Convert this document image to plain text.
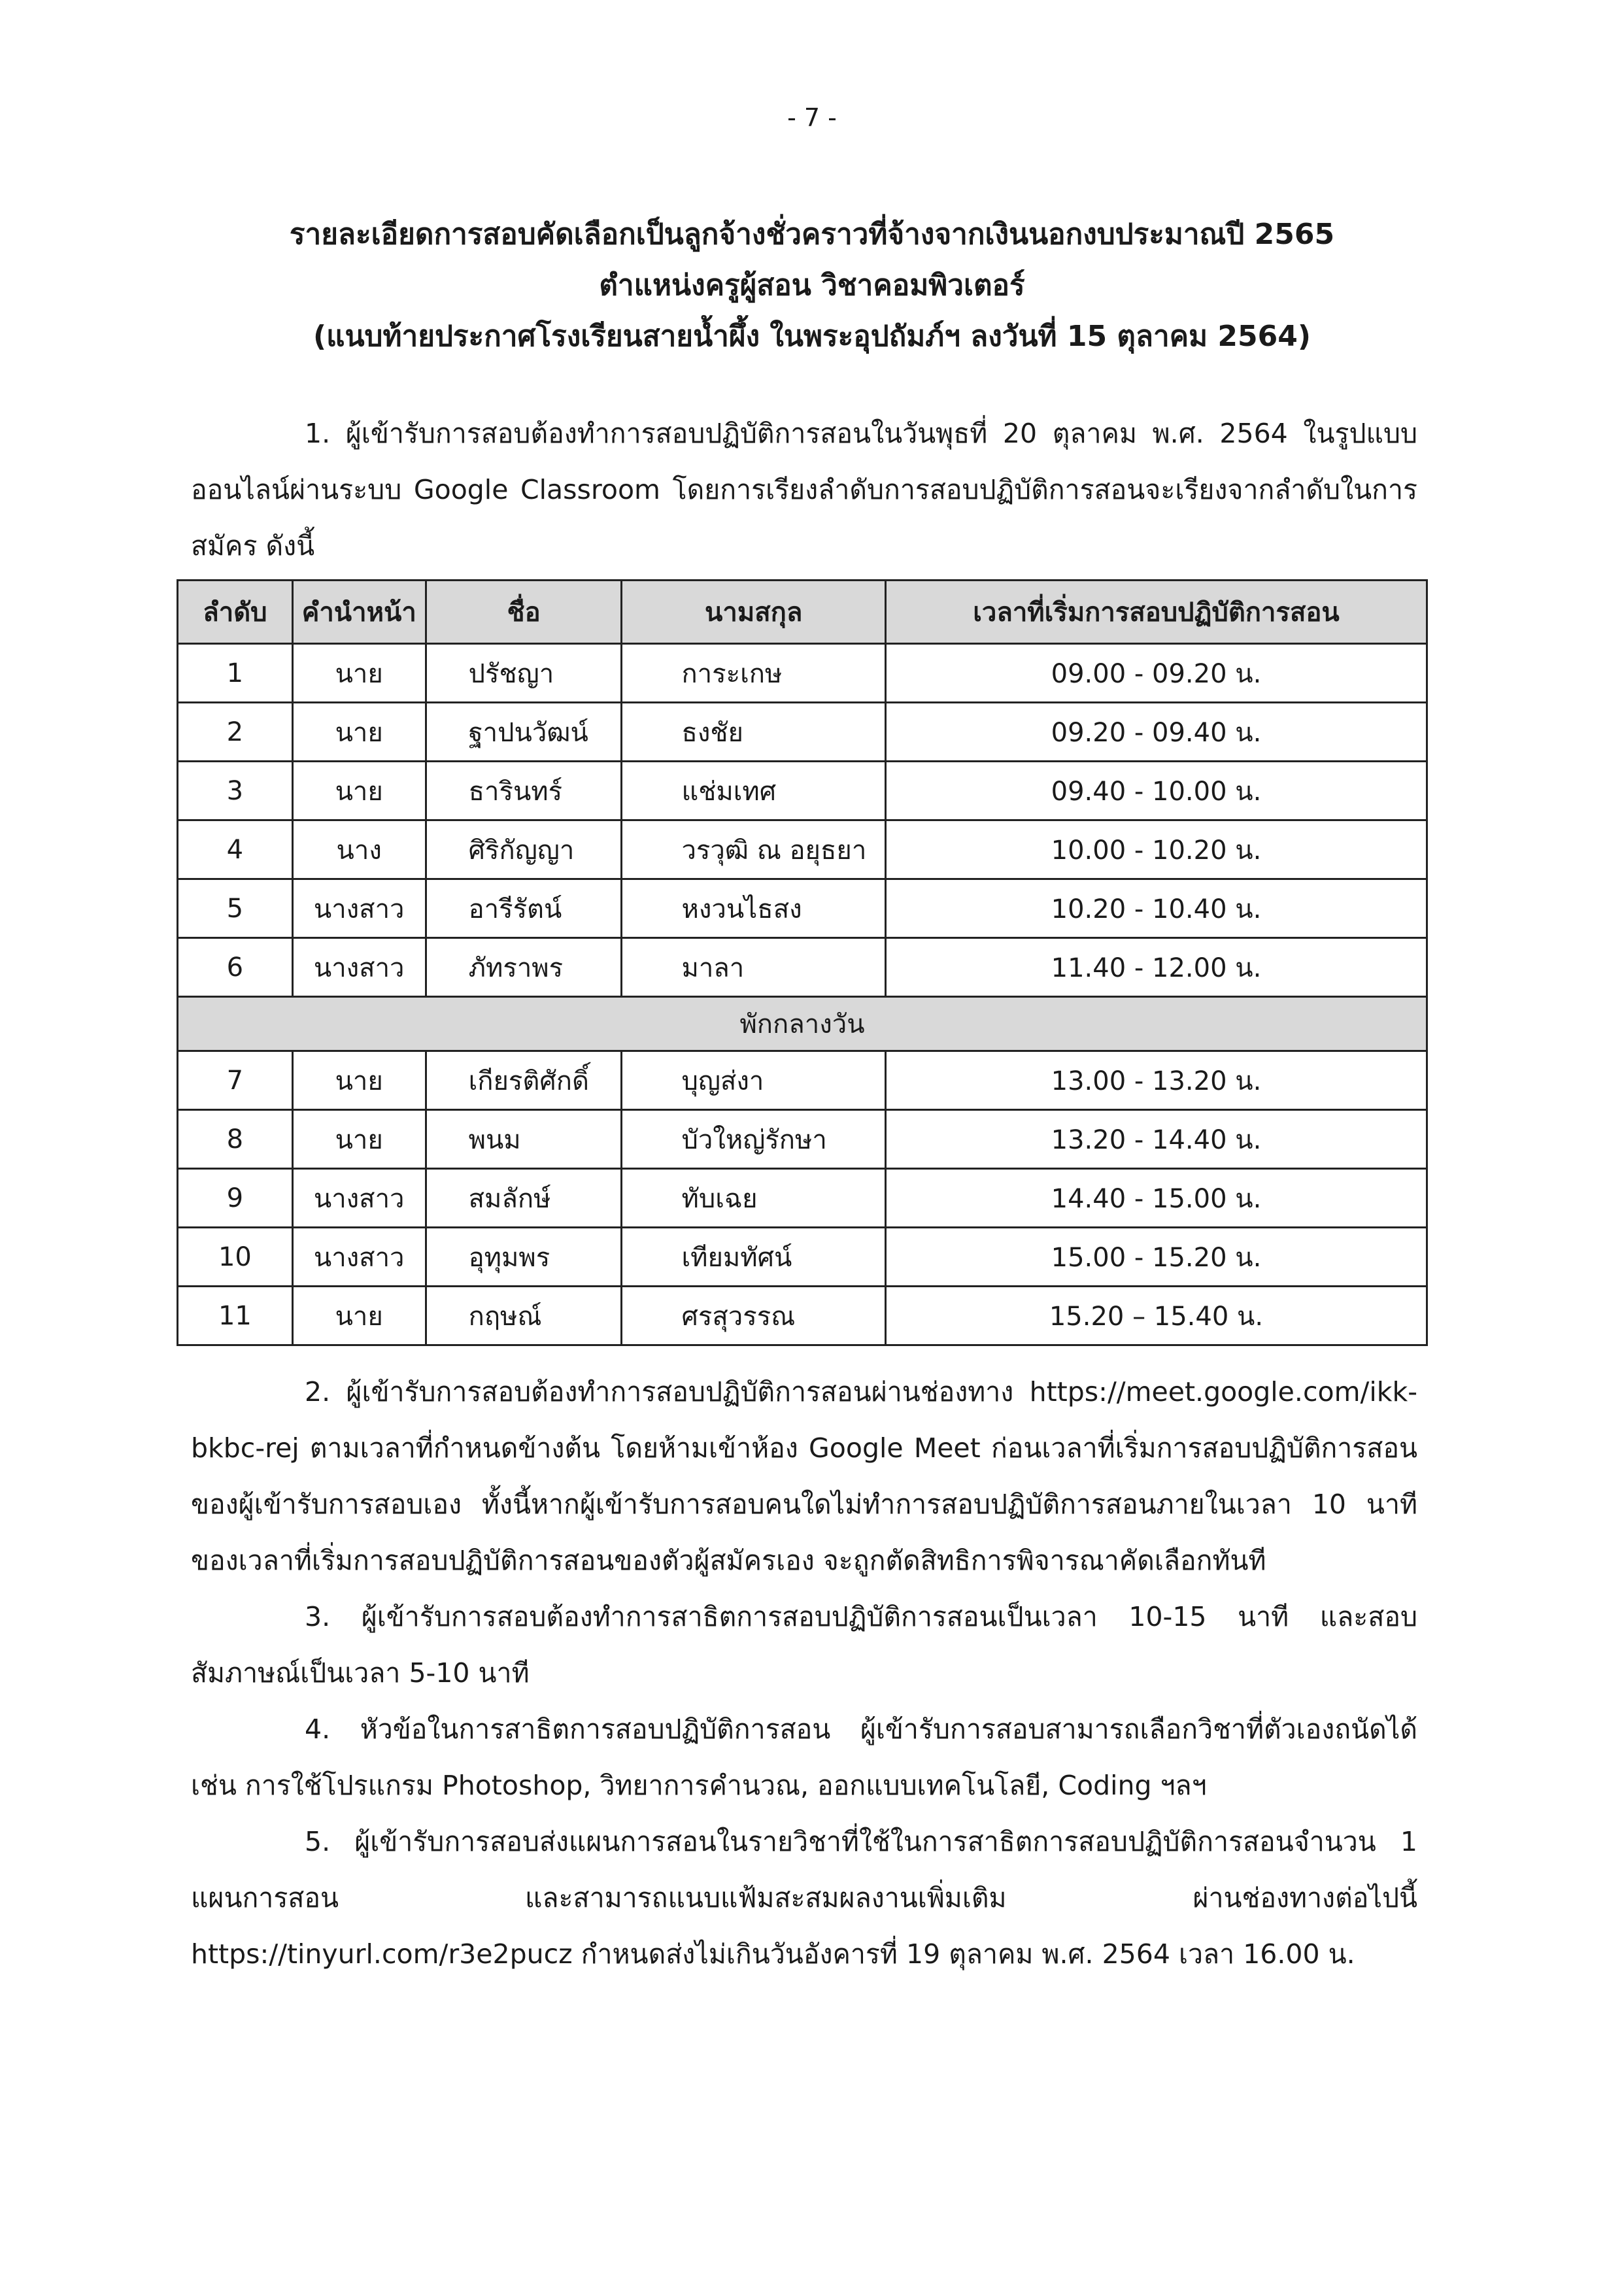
- 7 -
รายละเอียดการสอบคัดเลือกเป็นลูกจ้างชั่วคราวที่จ้างจากเงินนอกงบประมาณปี 2565
ตำแหน่งครูผู้สอน วิชาคอมพิวเตอร์
(แนบท้ายประกาศโรงเรียนสายน้ำผึ้ง ในพระอุปถัมภ์ฯ ลงวันที่ 15 ตุลาคม 2564)
1. ผู้เข้ารับการสอบต้องทำการสอบปฏิบัติการสอนในวันพุธที่ 20 ตุลาคม พ.ศ. 2564 ในรูปแบบออนไลน์ผ่านระบบ Google Classroom โดยการเรียงลำดับการสอบปฏิบัติการสอนจะเรียงจากลำดับในการสมัคร ดังนี้
ลำดับ	คำนำหน้า	ชื่อ	นามสกุล	เวลาที่เริ่มการสอบปฏิบัติการสอน
1	นาย	ปรัชญา	การะเกษ	09.00 - 09.20 น.
2	นาย	ฐาปนวัฒน์	ธงชัย	09.20 - 09.40 น.
3	นาย	ธารินทร์	แช่มเทศ	09.40 - 10.00 น.
4	นาง	ศิริกัญญา	วรวุฒิ ณ อยุธยา	10.00 - 10.20 น.
5	นางสาว	อารีรัตน์	หงวนไธสง	10.20 - 10.40 น.
6	นางสาว	ภัทราพร	มาลา	11.40 - 12.00 น.
พักกลางวัน				
7	นาย	เกียรติศักดิ์	บุญส่งา	13.00 - 13.20 น.
8	นาย	พนม	บัวใหญ่รักษา	13.20 - 14.40 น.
9	นางสาว	สมลักษ์	ทับเฉย	14.40 - 15.00 น.
10	นางสาว	อุทุมพร	เทียมทัศน์	15.00 - 15.20 น.
11	นาย	กฤษณ์	ศรสุวรรณ	15.20 – 15.40 น.
2. ผู้เข้ารับการสอบต้องทำการสอบปฏิบัติการสอนผ่านช่องทาง https://meet.google.com/ikk-bkbc-rej ตามเวลาที่กำหนดข้างต้น โดยห้ามเข้าห้อง Google Meet ก่อนเวลาที่เริ่มการสอบปฏิบัติการสอนของผู้เข้ารับการสอบเอง ทั้งนี้หากผู้เข้ารับการสอบคนใดไม่ทำการสอบปฏิบัติการสอนภายในเวลา 10 นาทีของเวลาที่เริ่มการสอบปฏิบัติการสอนของตัวผู้สมัครเอง จะถูกตัดสิทธิการพิจารณาคัดเลือกทันที
3. ผู้เข้ารับการสอบต้องทำการสาธิตการสอบปฏิบัติการสอนเป็นเวลา 10-15 นาที และสอบสัมภาษณ์เป็นเวลา 5-10 นาที
4. หัวข้อในการสาธิตการสอบปฏิบัติการสอน ผู้เข้ารับการสอบสามารถเลือกวิชาที่ตัวเองถนัดได้ เช่น การใช้โปรแกรม Photoshop, วิทยาการคำนวณ, ออกแบบเทคโนโลยี, Coding ฯลฯ
5. ผู้เข้ารับการสอบส่งแผนการสอนในรายวิชาที่ใช้ในการสาธิตการสอบปฏิบัติการสอนจำนวน 1 แผนการสอน และสามารถแนบแฟ้มสะสมผลงานเพิ่มเติม ผ่านช่องทางต่อไปนี้ https://tinyurl.com/r3e2pucz กำหนดส่งไม่เกินวันอังคารที่ 19 ตุลาคม พ.ศ. 2564 เวลา 16.00 น.
